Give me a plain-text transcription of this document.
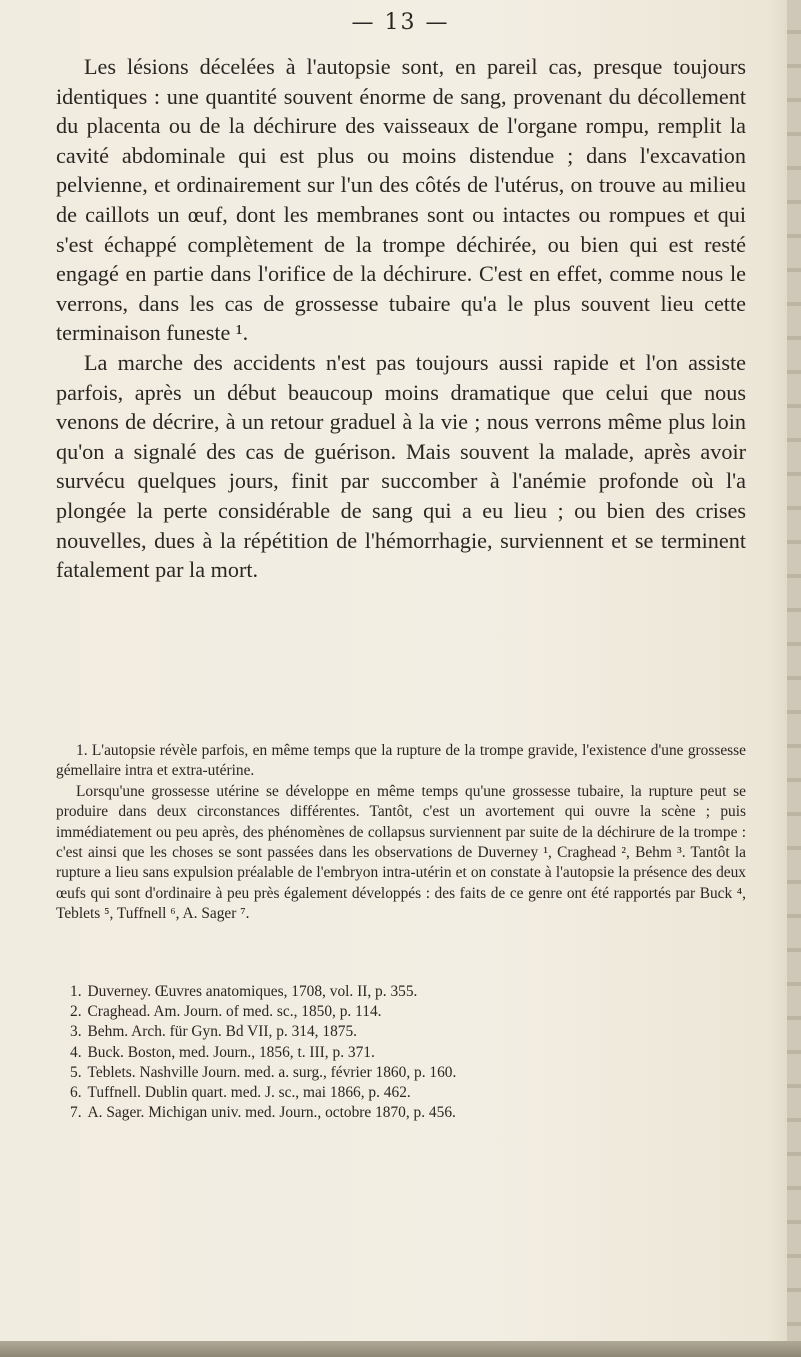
— 13 —

Les lésions décelées à l'autopsie sont, en pareil cas, presque toujours identiques : une quantité souvent énorme de sang, provenant du décollement du placenta ou de la déchirure des vaisseaux de l'organe rompu, remplit la cavité abdominale qui est plus ou moins distendue ; dans l'excavation pelvienne, et ordinairement sur l'un des côtés de l'utérus, on trouve au milieu de caillots un œuf, dont les membranes sont ou intactes ou rompues et qui s'est échappé complètement de la trompe déchirée, ou bien qui est resté engagé en partie dans l'orifice de la déchirure. C'est en effet, comme nous le verrons, dans les cas de grossesse tubaire qu'a le plus souvent lieu cette terminaison funeste ¹.

La marche des accidents n'est pas toujours aussi rapide et l'on assiste parfois, après un début beaucoup moins dramatique que celui que nous venons de décrire, à un retour graduel à la vie ; nous verrons même plus loin qu'on a signalé des cas de guérison. Mais souvent la malade, après avoir survécu quelques jours, finit par succomber à l'anémie profonde où l'a plongée la perte considérable de sang qui a eu lieu ; ou bien des crises nouvelles, dues à la répétition de l'hémorrhagie, surviennent et se terminent fatalement par la mort.

1. L'autopsie révèle parfois, en même temps que la rupture de la trompe gravide, l'existence d'une grossesse gémellaire intra et extra-utérine.

Lorsqu'une grossesse utérine se développe en même temps qu'une grossesse tubaire, la rupture peut se produire dans deux circonstances différentes. Tantôt, c'est un avortement qui ouvre la scène ; puis immédiatement ou peu après, des phénomènes de collapsus surviennent par suite de la déchirure de la trompe : c'est ainsi que les choses se sont passées dans les observations de Duverney ¹, Craghead ², Behm ³. Tantôt la rupture a lieu sans expulsion préalable de l'embryon intra-utérin et on constate à l'autopsie la présence des deux œufs qui sont d'ordinaire à peu près également développés : des faits de ce genre ont été rapportés par Buck ⁴, Teblets ⁵, Tuffnell ⁶, A. Sager ⁷.

1. Duverney. Œuvres anatomiques, 1708, vol. II, p. 355.
2. Craghead. Am. Journ. of med. sc., 1850, p. 114.
3. Behm. Arch. für Gyn. Bd VII, p. 314, 1875.
4. Buck. Boston, med. Journ., 1856, t. III, p. 371.
5. Teblets. Nashville Journ. med. a. surg., février 1860, p. 160.
6. Tuffnell. Dublin quart. med. J. sc., mai 1866, p. 462.
7. A. Sager. Michigan univ. med. Journ., octobre 1870, p. 456.
